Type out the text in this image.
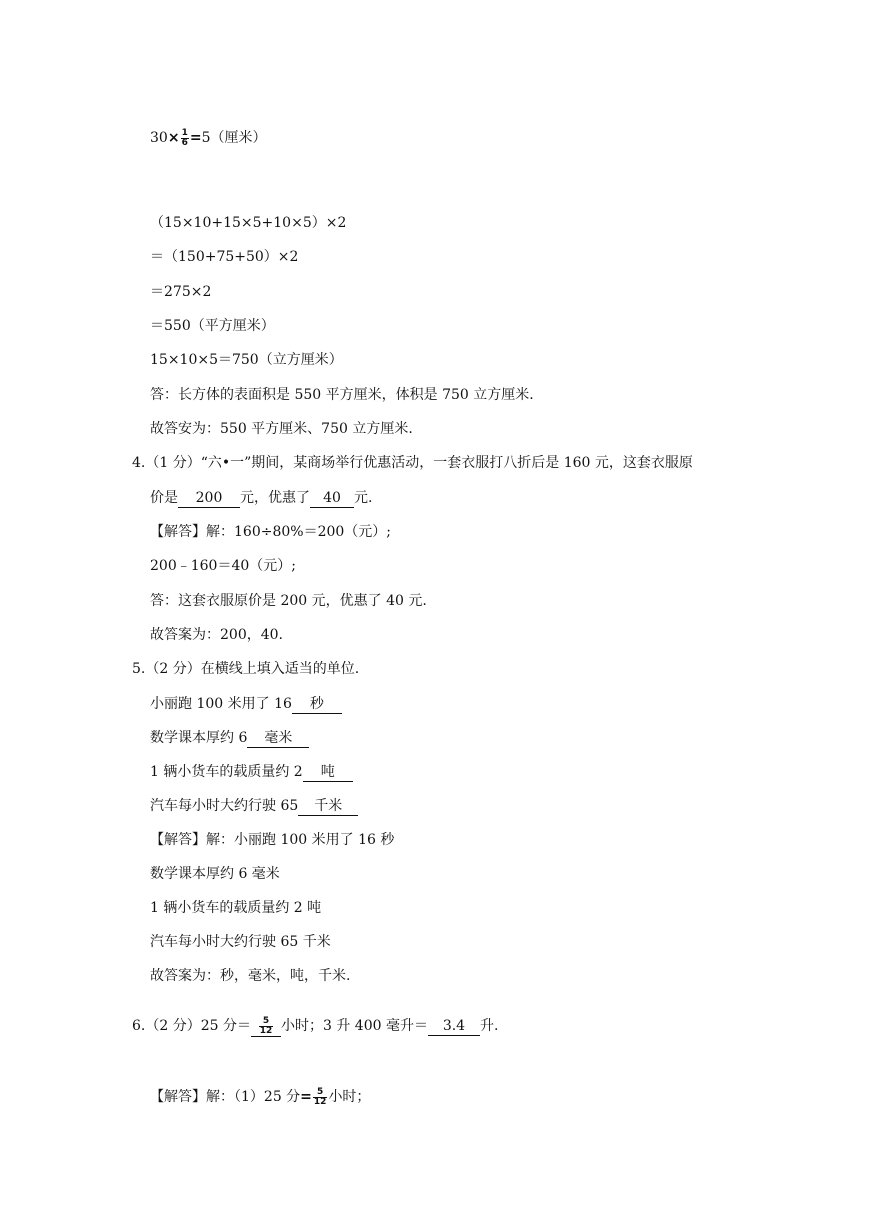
$30\times \frac{1}{6} =5$（厘米）
（15×10+15×5+10×5）×2
＝（150+75+50）×2
＝275×2
＝550（平方厘米）
15×10×5＝750（立方厘米）
答：长方体的表面积是 550 平方厘米，体积是 750 立方厘米.
故答安为：550 平方厘米、750 立方厘米.
4.（1 分）“六•一”期间，某商场举行优惠活动，一套衣服打八折后是 160 元，这套衣服原
价是 200 元，优惠了 40 元.
【解答】解：160÷80%＝200（元）;
200﹣160＝40（元）;
答：这套衣服原价是 200 元，优惠了 40 元.
故答案为：200，40.
5.（2 分）在横线上填入适当的单位.
小丽跑 100 米用了 16 秒
数学课本厚约 6 毫米
1 辆小货车的载质量约 2 吨
汽车每小时大约行驶 65 千米
【解答】解：小丽跑 100 米用了 16 秒
数学课本厚约 6 毫米
1 辆小货车的载质量约 2 吨
汽车每小时大约行驶 65 千米
故答案为：秒，毫米，吨，千米.
6.（2 分）25 分＝ $\frac{5}{12}$ 小时；3 升 400 毫升＝ 3.4 升.
【解答】解：（1）25 分= $\frac{5}{12}$ 小时；
